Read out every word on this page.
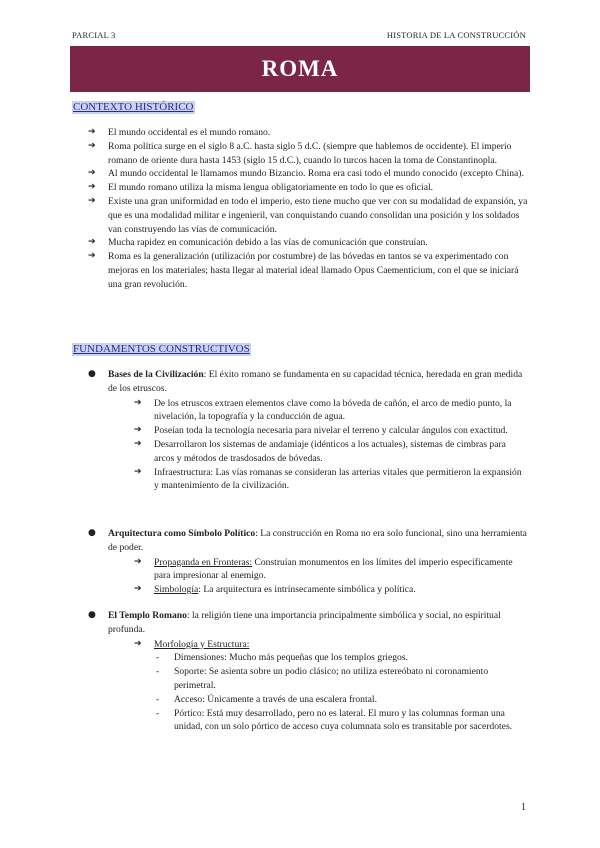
PARCIAL 3	HISTORIA DE LA CONSTRUCCIÓN
ROMA
CONTEXTO HISTÓRICO
➔ El mundo occidental es el mundo romano.
➔ Roma política surge en el siglo 8 a.C. hasta siglo 5 d.C. (siempre que hablemos de occidente). El imperio romano de oriente dura hasta 1453 (siglo 15 d.C.), cuando lo turcos hacen la toma de Constantinopla.
➔ Al mundo occidental le llamamos mundo Bizancio. Roma era casi todo el mundo conocido (excepto China).
➔ El mundo romano utiliza la misma lengua obligatoriamente en todo lo que es oficial.
➔ Existe una gran uniformidad en todo el imperio, esto tiene mucho que ver con su modalidad de expansión, ya que es una modalidad militar e ingenieril, van conquistando cuando consolidan una posición y los soldados van construyendo las vías de comunicación.
➔ Mucha rapidez en comunicación debido a las vías de comunicación que construían.
➔ Roma es la generalización (utilización por costumbre) de las bóvedas en tantos se va experimentado con mejoras en los materiales; hasta llegar al material ideal llamado Opus Caementicium, con el que se iniciará una gran revolución.
FUNDAMENTOS CONSTRUCTIVOS
●	Bases de la Civilización: El éxito romano se fundamenta en su capacidad técnica, heredada en gran medida de los etruscos.
➔ De los etruscos extraen elementos clave como la bóveda de cañón, el arco de medio punto, la nivelación, la topografía y la conducción de agua.
➔ Poseían toda la tecnología necesaria para nivelar el terreno y calcular ángulos con exactitud.
➔ Desarrollaron los sistemas de andamiaje (idénticos a los actuales), sistemas de cimbras para arcos y métodos de trasdosados de bóvedas.
➔ Infraestructura: Las vías romanas se consideran las arterias vitales que permitieron la expansión y mantenimiento de la civilización.
●	Arquitectura como Símbolo Político: La construcción en Roma no era solo funcional, sino una herramienta de poder.
➔ Propaganda en Fronteras: Construían monumentos en los límites del imperio específicamente para impresionar al enemigo.
➔ Simbología: La arquitectura es intrínsecamente simbólica y política.
●	El Templo Romano: la religión tiene una importancia principalmente simbólica y social, no espiritual profunda.
➔ Morfología y Estructura:
- Dimensiones: Mucho más pequeñas que los templos griegos.
- Soporte: Se asienta sobre un podio clásico; no utiliza estereóbato ni coronamiento perimetral.
- Acceso: Únicamente a través de una escalera frontal.
- Pórtico: Está muy desarrollado, pero no es lateral. El muro y las columnas forman una unidad, con un solo pórtico de acceso cuya columnata solo es transitable por sacerdotes.
1
